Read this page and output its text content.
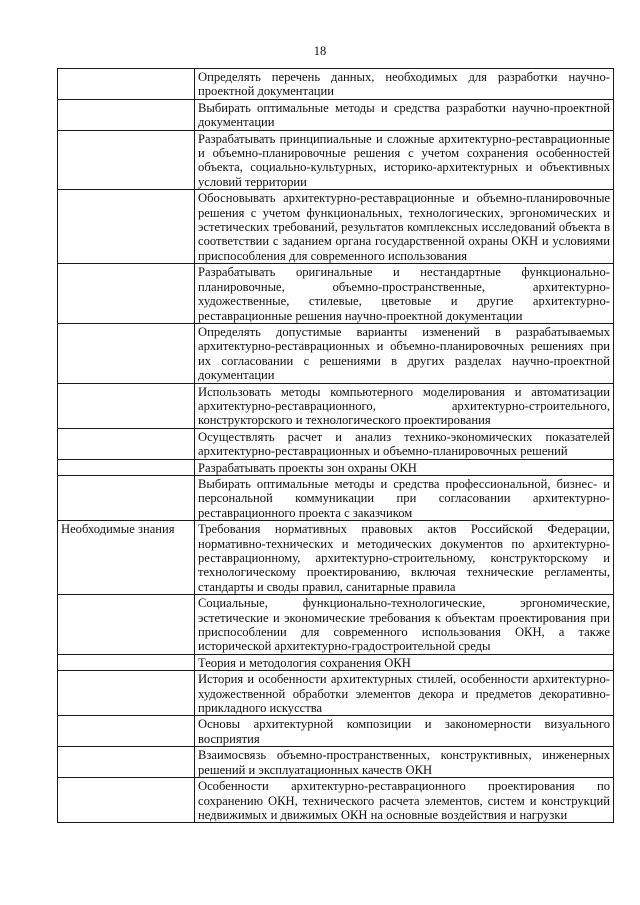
18
	Определять перечень данных, необходимых для разработки научно-проектной документации
	Выбирать оптимальные методы и средства разработки научно-проектной документации
	Разрабатывать принципиальные и сложные архитектурно-реставрационные и объемно-планировочные решения с учетом сохранения особенностей объекта, социально-культурных, историко-архитектурных и объективных условий территории
	Обосновывать архитектурно-реставрационные и объемно-планировочные решения с учетом функциональных, технологических, эргономических и эстетических требований, результатов комплексных исследований объекта в соответствии с заданием органа государственной охраны ОКН и условиями приспособления для современного использования
	Разрабатывать оригинальные и нестандартные функционально-планировочные, объемно-пространственные, архитектурно-художественные, стилевые, цветовые и другие архитектурно-реставрационные решения научно-проектной документации
	Определять допустимые варианты изменений в разрабатываемых архитектурно-реставрационных и объемно-планировочных решениях при их согласовании с решениями в других разделах научно-проектной документации
	Использовать методы компьютерного моделирования и автоматизации архитектурно-реставрационного, архитектурно-строительного, конструкторского и технологического проектирования
	Осуществлять расчет и анализ технико-экономических показателей архитектурно-реставрационных и объемно-планировочных решений
	Разрабатывать проекты зон охраны ОКН
	Выбирать оптимальные методы и средства профессиональной, бизнес- и персональной коммуникации при согласовании архитектурно-реставрационного проекта с заказчиком
Необходимые знания	Требования нормативных правовых актов Российской Федерации, нормативно-технических и методических документов по архитектурно-реставрационному, архитектурно-строительному, конструкторскому и технологическому проектированию, включая технические регламенты, стандарты и своды правил, санитарные правила
	Социальные, функционально-технологические, эргономические, эстетические и экономические требования к объектам проектирования при приспособлении для современного использования ОКН, а также исторической архитектурно-градостроительной среды
	Теория и методология сохранения ОКН
	История и особенности архитектурных стилей, особенности архитектурно-художественной обработки элементов декора и предметов декоративно-прикладного искусства
	Основы архитектурной композиции и закономерности визуального восприятия
	Взаимосвязь объемно-пространственных, конструктивных, инженерных решений и эксплуатационных качеств ОКН
	Особенности архитектурно-реставрационного проектирования по сохранению ОКН, технического расчета элементов, систем и конструкций недвижимых и движимых ОКН на основные воздействия и нагрузки
